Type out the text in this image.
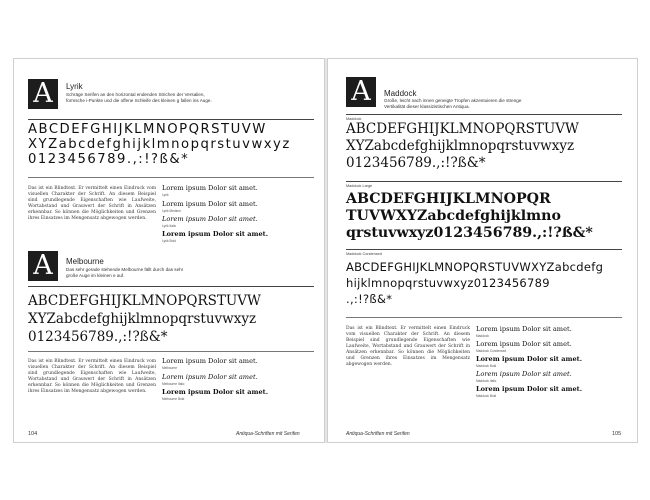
A	Lyrik
Schräge Serifen an den horizontal endenden Strichen der Versalien, formsche i-Punkte und die offene Schleife des kleinen g fallen ins Auge.
ABCDEFGHIJKLMNOPQRSTUVW
XYZabcdefghijklmnopqrstuvwxyz
0123456789.,:!?ß&*
Das ist ein Blindtext. Er vermittelt einen Eindruck vom visuellen Charakter der Schrift. An diesem Beispiel sind grundlegende Eigenschaften wie Laufweite, Wortabstand und Grauwert der Schrift in Ansätzen erkennbar. So können die Möglichkeiten und Grenzen ihres Einsatzes im Mengensatz abgewogen werden.
Lorem ipsum Dolor sit amet.
Lyrik
Lorem ipsum Dolor sit amet.
Lyrik Medium
Lorem ipsum Dolor sit amet.
Lyrik Italic
Lorem ipsum Dolor sit amet.
Lyrik Bold
A	Melbourne
Das sehr gerade stehende Melbourne fällt durch das sehr große Auge im kleinen e auf.
ABCDEFGHIJKLMNOPQRSTUVW
XYZabcdefghijklmnopqrstuvwxyz
0123456789.,:!?ß&*
Das ist ein Blindtext. Er vermittelt einen Eindruck vom visuellen Charakter der Schrift. An diesem Beispiel sind grundlegende Eigenschaften wie Laufweite, Wortabstand und Grauwert der Schrift in Ansätzen erkennbar. So können die Möglichkeiten und Grenzen ihres Einsatzes im Mengensatz abgewogen werden.
Lorem ipsum Dolor sit amet.
Melbourne
Lorem ipsum Dolor sit amet.
Melbourne Italic
Lorem ipsum Dolor sit amet.
Melbourne Bold
104	Antiqua-Schriften mit Serifen
A	Maddock
Große, leicht nach innen geneigte Tropfen akzentuieren die strenge Vertikalität dieser klassizistischen Antiqua.
Maddock
ABCDEFGHIJKLMNOPQRSTUVW
XYZabcdefghijklmnopqrstuvwxyz
0123456789.,:!?ß&*
Maddock Large
ABCDEFGHIJKLMNOPQR
TUVWXYZabcdefghijklmno
qrstuvwxyz0123456789.,:!?ß&*
Maddock Condensed
ABCDEFGHIJKLMNOPQRSTUVWXYZabcdefg
hijklmnopqrstuvwxyz0123456789
.,:!?ß&*
Das ist ein Blindtext. Er vermittelt einen Eindruck vom visuellen Charakter der Schrift. An diesem Beispiel sind grundlegende Eigenschaften wie Laufweite, Wortabstand und Grauwert der Schrift in Ansätzen erkennbar. So können die Möglichkeiten und Grenzen ihres Einsatzes im Mengensatz abgewogen werden.
Lorem ipsum Dolor sit amet.
Maddock
Lorem ipsum Dolor sit amet.
Maddock Condensed
Lorem ipsum Dolor sit amet.
Maddock Bold
Lorem ipsum Dolor sit amet.
Maddock Italic
Lorem ipsum Dolor sit amet.
Maddock Bold
Antiqua-Schriften mit Serifen	105
